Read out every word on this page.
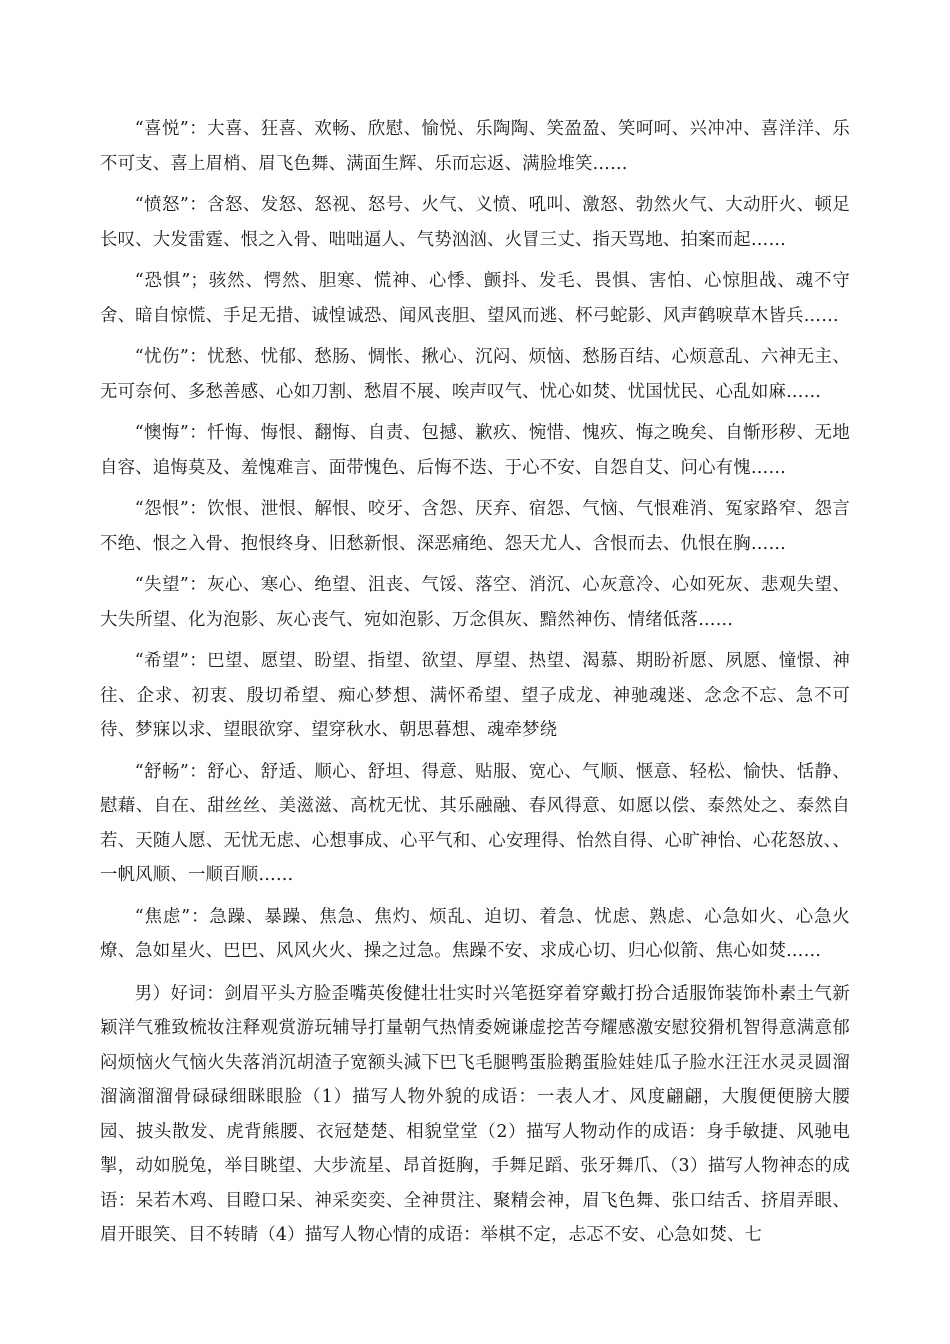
“喜悦”：大喜、狂喜、欢畅、欣慰、愉悦、乐陶陶、笑盈盈、笑呵呵、兴冲冲、喜洋洋、乐不可支、喜上眉梢、眉飞色舞、满面生辉、乐而忘返、满脸堆笑……

“愤怒”：含怒、发怒、怒视、怒号、火气、义愤、吼叫、激怒、勃然火气、大动肝火、顿足长叹、大发雷霆、恨之入骨、咄咄逼人、气势汹汹、火冒三丈、指天骂地、拍案而起……

“恐惧”；骇然、愕然、胆寒、慌神、心悸、颤抖、发毛、畏惧、害怕、心惊胆战、魂不守舍、暗自惊慌、手足无措、诚惶诚恐、闻风丧胆、望风而逃、杯弓蛇影、风声鹤唳草木皆兵……

“忧伤”：忧愁、忧郁、愁肠、惆怅、揪心、沉闷、烦恼、愁肠百结、心烦意乱、六神无主、无可奈何、多愁善感、心如刀割、愁眉不展、唉声叹气、忧心如焚、忧国忧民、心乱如麻……

“懊悔”：忏悔、悔恨、翻悔、自责、包撼、歉疚、惋惜、愧疚、悔之晚矣、自惭形秽、无地自容、追悔莫及、羞愧难言、面带愧色、后悔不迭、于心不安、自怨自艾、问心有愧……

“怨恨”：饮恨、泄恨、解恨、咬牙、含怨、厌弃、宿怨、气恼、气恨难消、冤家路窄、怨言不绝、恨之入骨、抱恨终身、旧愁新恨、深恶痛绝、怨天尤人、含恨而去、仇恨在胸……

“失望”：灰心、寒心、绝望、沮丧、气馁、落空、消沉、心灰意冷、心如死灰、悲观失望、大失所望、化为泡影、灰心丧气、宛如泡影、万念俱灰、黯然神伤、情绪低落……

“希望”：巴望、愿望、盼望、指望、欲望、厚望、热望、渴慕、期盼祈愿、夙愿、憧憬、神往、企求、初衷、殷切希望、痴心梦想、满怀希望、望子成龙、神驰魂迷、念念不忘、急不可待、梦寐以求、望眼欲穿、望穿秋水、朝思暮想、魂牵梦绕

“舒畅”：舒心、舒适、顺心、舒坦、得意、贴服、宽心、气顺、惬意、轻松、愉快、恬静、慰藉、自在、甜丝丝、美滋滋、高枕无忧、其乐融融、春风得意、如愿以偿、泰然处之、泰然自若、天随人愿、无忧无虑、心想事成、心平气和、心安理得、怡然自得、心旷神怡、心花怒放、、一帆风顺、一顺百顺……

“焦虑”：急躁、暴躁、焦急、焦灼、烦乱、迫切、着急、忧虑、熟虑、心急如火、心急火燎、急如星火、巴巴、风风火火、操之过急。焦躁不安、求成心切、归心似箭、焦心如焚……

男）好词：剑眉平头方脸歪嘴英俊健壮壮实时兴笔挺穿着穿戴打扮合适服饰装饰朴素土气新颖洋气雅致梳妆注释观赏游玩辅导打量朝气热情委婉谦虚挖苦夸耀感激安慰狡猾机智得意满意郁闷烦恼火气恼火失落消沉胡渣子宽额头減下巴飞毛腿鸭蛋脸鹅蛋脸娃娃瓜子脸水汪汪水灵灵圆溜溜滴溜溜骨碌碌细眯眼脸（1）描写人物外貌的成语：一表人才、风度翩翩，大腹便便膀大腰园、披头散发、虎背熊腰、衣冠楚楚、相貌堂堂（2）描写人物动作的成语：身手敏捷、风驰电掣，动如脱兔，举目眺望、大步流星、昂首挺胸，手舞足蹈、张牙舞爪、（3）描写人物神态的成语：呆若木鸡、目瞪口呆、神采奕奕、全神贯注、聚精会神，眉飞色舞、张口结舌、挤眉弄眼、眉开眼笑、目不转睛（4）描写人物心情的成语：举棋不定，忐忑不安、心急如焚、七
